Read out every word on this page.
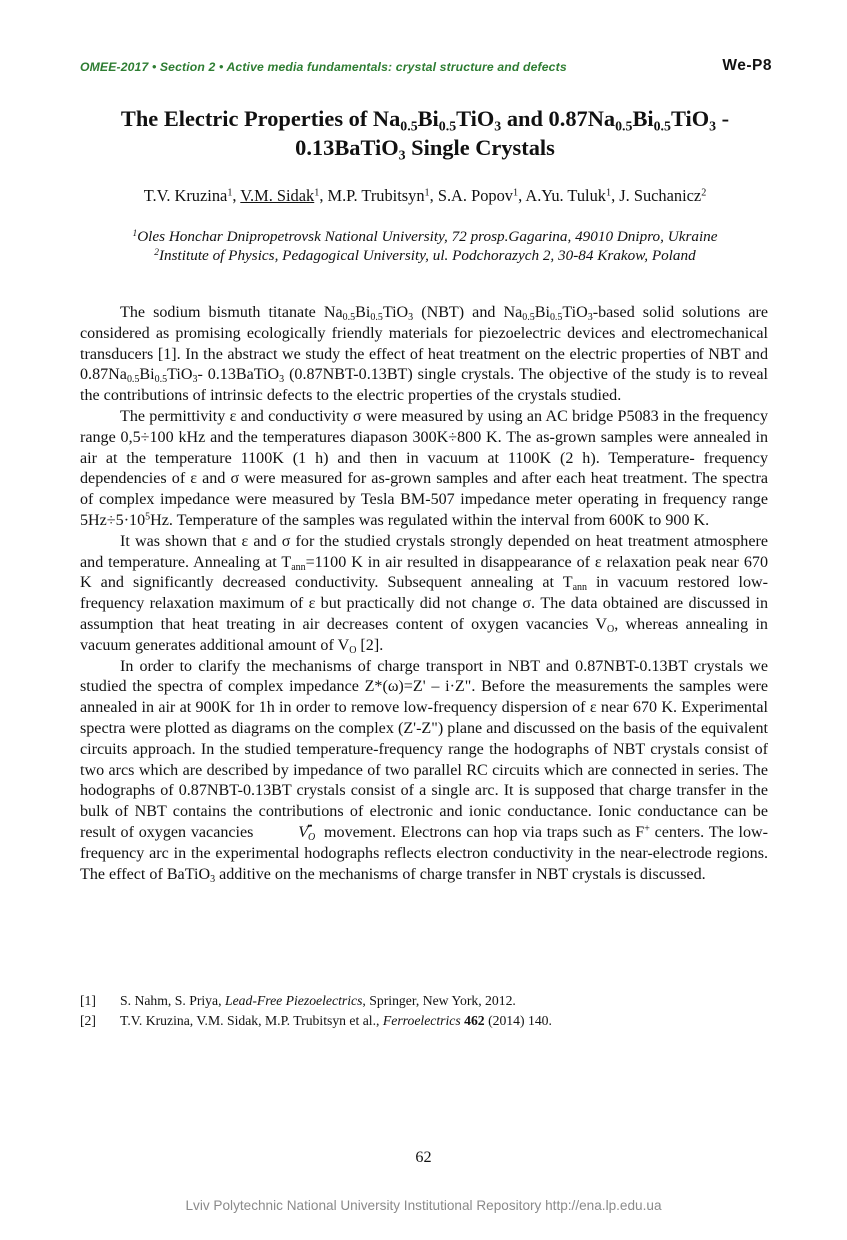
OMEE-2017 • Section 2 • Active media fundamentals: crystal structure and defects	We-P8
The Electric Properties of $Na_{0.5}Bi_{0.5}TiO_3$ and $0.87Na_{0.5}Bi_{0.5}TiO_3$ - 0.13BaTiO$_3$ Single Crystals
T.V. Kruzina$^1$, V.M. Sidak$^1$, M.P. Trubitsyn$^1$, S.A. Popov$^1$, A.Yu. Tuluk$^1$, J. Suchanicz$^2$
$^1$Oles Honchar Dnipropetrovsk National University, 72 prosp.Gagarina, 49010 Dnipro, Ukraine
$^2$Institute of Physics, Pedagogical University, ul. Podchorazych 2, 30-84 Krakow, Poland

The sodium bismuth titanate $Na_{0.5}Bi_{0.5}TiO_3$ (NBT) and $Na_{0.5}Bi_{0.5}TiO_3$-based solid solutions are considered as promising ecologically friendly materials for piezoelectric devices and electromechanical transducers [1]. In the abstract we study the effect of heat treatment on the electric properties of NBT and $0.87Na_{0.5}Bi_{0.5}TiO_3-$ 0.13BaTiO$_3$ (0.87NBT-0.13BT) single crystals. The objective of the study is to reveal the contributions of intrinsic defects to the electric properties of the crystals studied.

The permittivity ε and conductivity σ were measured by using an AC bridge P5083 in the frequency range 0,5÷100 kHz and the temperatures diapason 300K÷800 K. The as-grown samples were annealed in air at the temperature 1100K (1 h) and then in vacuum at 1100K (2 h). Temperature- frequency dependencies of ε and σ were measured for as-grown samples and after each heat treatment. The spectra of complex impedance were measured by Tesla BM-507 impedance meter operating in frequency range $5Hz\div 5\cdot 10^5Hz$. Temperature of the samples was regulated within the interval from 600K to 900 K.

It was shown that ε and σ for the studied crystals strongly depended on heat treatment atmosphere and temperature. Annealing at $T_{ann}=1100$ K in air resulted in disappearance of ε relaxation peak near 670 K and significantly decreased conductivity. Subsequent annealing at $T_{ann}$ in vacuum restored low-frequency relaxation maximum of ε but practically did not change σ. The data obtained are discussed in assumption that heat treating in air decreases content of oxygen vacancies $V_O$, whereas annealing in vacuum generates additional amount of $V_O$ [2].

In order to clarify the mechanisms of charge transport in NBT and 0.87NBT-0.13BT crystals we studied the spectra of complex impedance Z*(ω)=Z' – i·Z". Before the measurements the samples were annealed in air at 900K for 1h in order to remove low-frequency dispersion of ε near 670 K. Experimental spectra were plotted as diagrams on the complex (Z'-Z") plane and discussed on the basis of the equivalent circuits approach. In the studied temperature-frequency range the hodographs of NBT crystals consist of two arcs which are described by impedance of two parallel RC circuits which are connected in series. The hodographs of 0.87NBT-0.13BT crystals consist of a single arc. It is supposed that charge transfer in the bulk of NBT contains the contributions of electronic and ionic conductance. Ionic conductance can be result of oxygen vacancies $V_O$
•• movement. Electrons can hop via traps such as F+ centers. The low-frequency arc in the experimental hodographs reflects electron conductivity in the near-electrode regions. The effect of BaTiO$_3$ additive on the mechanisms of charge transfer in NBT crystals is discussed.

[1] S. Nahm, S. Priya, Lead-Free Piezoelectrics, Springer, New York, 2012.
[2] T.V. Kruzina, V.M. Sidak, M.P. Trubitsyn et al., Ferroelectrics 462 (2014) 140.
62
Lviv Polytechnic National University Institutional Repository http://ena.lp.edu.ua
